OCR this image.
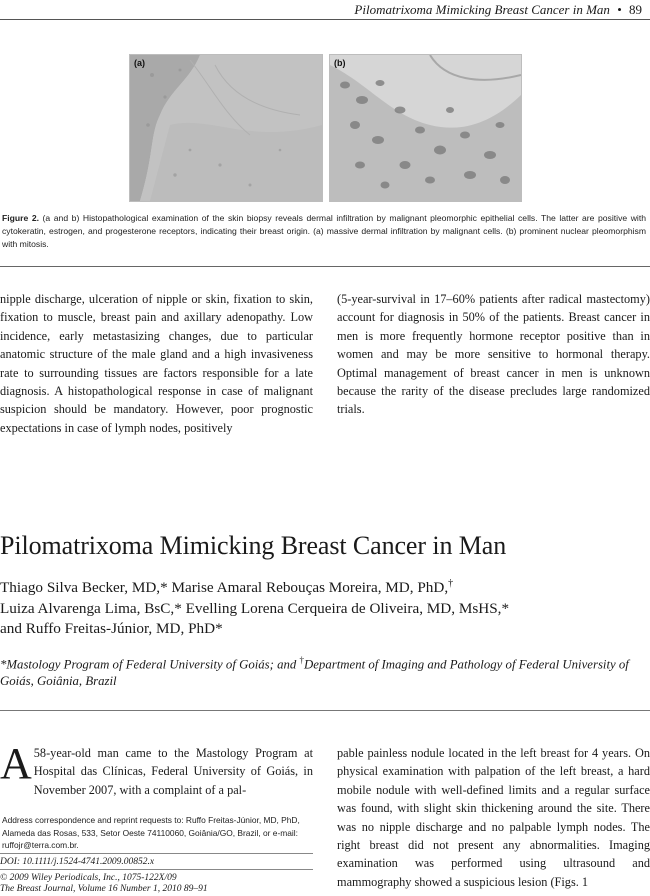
Pilomatrixoma Mimicking Breast Cancer in Man • 89
(a)	(b)
Figure 2. (a and b) Histopathological examination of the skin biopsy reveals dermal infiltration by malignant pleomorphic epithelial cells. The latter are positive with cytokeratin, estrogen, and progesterone receptors, indicating their breast origin. (a) massive dermal infiltration by malignant cells. (b) prominent nuclear pleomorphism with mitosis.

nipple discharge, ulceration of nipple or skin, fixation to skin, fixation to muscle, breast pain and axillary adenopathy. Low incidence, early metastasizing changes, due to particular anatomic structure of the male gland and a high invasiveness rate to surrounding tissues are factors responsible for a late diagnosis. A histopathological response in case of malignant suspicion should be mandatory. However, poor prognostic expectations in case of lymph nodes, positively

(5-year-survival in 17–60% patients after radical mastectomy) account for diagnosis in 50% of the patients. Breast cancer in men is more frequently hormone receptor positive than in women and may be more sensitive to hormonal therapy. Optimal management of breast cancer in men is unknown because the rarity of the disease precludes large randomized trials.

Pilomatrixoma Mimicking Breast Cancer in Man
Thiago Silva Becker, MD,* Marise Amaral Rebouças Moreira, MD, PhD,†
Luiza Alvarenga Lima, BsC,* Evelling Lorena Cerqueira de Oliveira, MD, MsHS,*
and Ruffo Freitas-Júnior, MD, PhD*
*Mastology Program of Federal University of Goiás; and †Department of Imaging and Pathology of Federal University of Goiás, Goiânia, Brazil

A 58-year-old man came to the Mastology Program at Hospital das Clínicas, Federal University of Goiás, in November 2007, with a complaint of a pal-

Address correspondence and reprint requests to: Ruffo Freitas-Júnior, MD, PhD, Alameda das Rosas, 533, Setor Oeste 74110060, Goiânia/GO, Brazil, or e-mail: ruffojr@terra.com.br.
DOI: 10.1111/j.1524-4741.2009.00852.x
© 2009 Wiley Periodicals, Inc., 1075-122X/09
The Breast Journal, Volume 16 Number 1, 2010 89–91

pable painless nodule located in the left breast for 4 years. On physical examination with palpation of the left breast, a hard mobile nodule with well-defined limits and a regular surface was found, with slight skin thickening around the site. There was no nipple discharge and no palpable lymph nodes. The right breast did not present any abnormalities. Imaging examination was performed using ultrasound and mammography showed a suspicious lesion (Figs. 1
